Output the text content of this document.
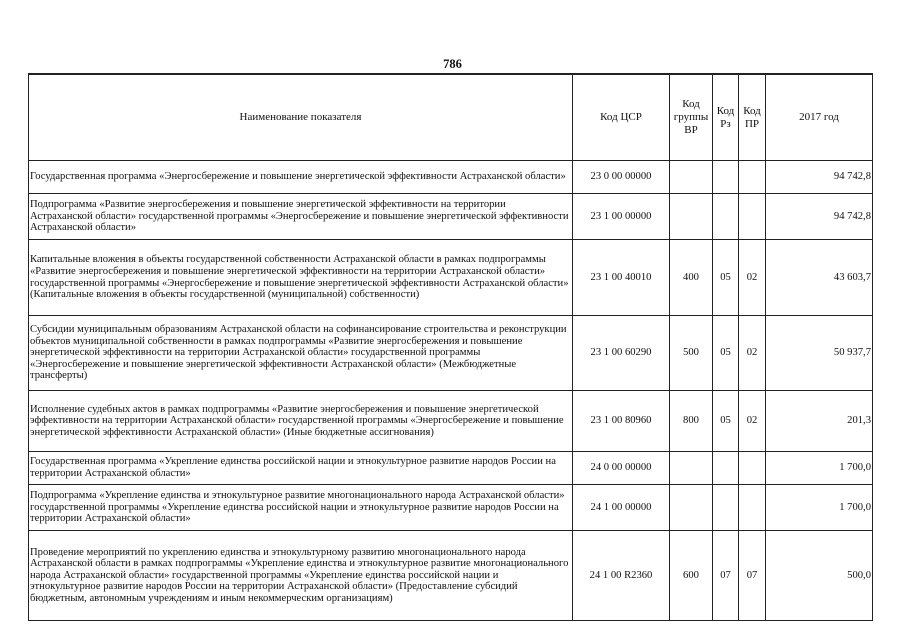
786
Наименование показателя	Код ЦСР	Код группы ВР	Код Рз	Код ПР	2017 год
Государственная программа «Энергосбережение и повышение энергетической эффективности Астраханской области»	23 0 00 00000				94 742,8
Подпрограмма «Развитие энергосбережения и повышение энергетической эффективности на территории Астраханской области» государственной программы «Энергосбережение и повышение энергетической эффективности Астраханской области»	23 1 00 00000				94 742,8
Капитальные вложения в объекты государственной собственности Астраханской области в рамках подпрограммы «Развитие энергосбережения и повышение энергетической эффективности на территории Астраханской области» государственной программы «Энергосбережение и повышение энергетической эффективности Астраханской области» (Капитальные вложения в объекты государственной (муниципальной) собственности)	23 1 00 40010	400	05	02	43 603,7
Субсидии муниципальным образованиям Астраханской области на софинансирование строительства и реконструкции объектов муниципальной собственности в рамках подпрограммы «Развитие энергосбережения и повышение энергетической эффективности на территории Астраханской области» государственной программы «Энергосбережение и повышение энергетической эффективности Астраханской области» (Межбюджетные трансферты)	23 1 00 60290	500	05	02	50 937,7
Исполнение судебных актов в рамках подпрограммы «Развитие энергосбережения и повышение энергетической эффективности на территории Астраханской области» государственной программы «Энергосбережение и повышение энергетической эффективности Астраханской области» (Иные бюджетные ассигнования)	23 1 00 80960	800	05	02	201,3
Государственная программа «Укрепление единства российской нации и этнокультурное развитие народов России на территории Астраханской области»	24 0 00 00000				1 700,0
Подпрограмма «Укрепление единства и этнокультурное развитие многонационального народа Астраханской области» государственной программы «Укрепление единства российской нации и этнокультурное развитие народов России на территории Астраханской области»	24 1 00 00000				1 700,0
Проведение мероприятий по укреплению единства и этнокультурному развитию многонационального народа Астраханской области в рамках подпрограммы «Укрепление единства и этнокультурное развитие многонационального народа Астраханской области» государственной программы «Укрепление единства российской нации и этнокультурное развитие народов России на территории Астраханской области» (Предоставление субсидий бюджетным, автономным учреждениям и иным некоммерческим организациям)	24 1 00 R2360	600	07	07	500,0
